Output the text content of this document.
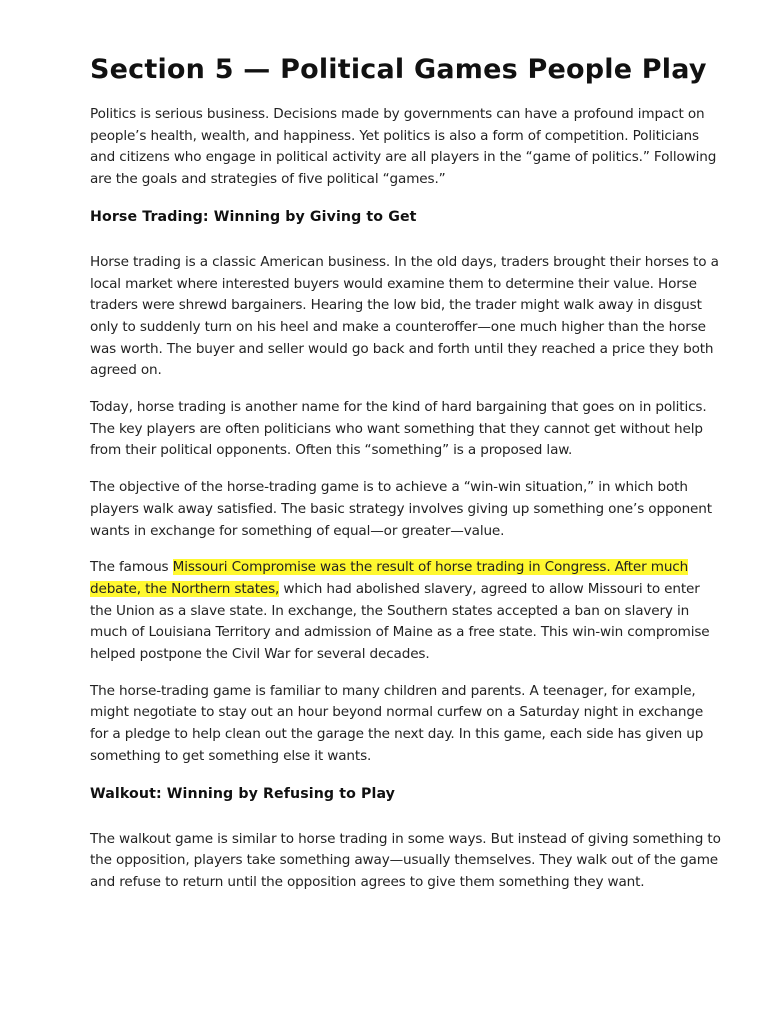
Section 5 — Political Games People Play

Politics is serious business. Decisions made by governments can have a profound impact on people’s health, wealth, and happiness. Yet politics is also a form of competition. Politicians and citizens who engage in political activity are all players in the “game of politics.” Following are the goals and strategies of five political “games.”

Horse Trading: Winning by Giving to Get

Horse trading is a classic American business. In the old days, traders brought their horses to a local market where interested buyers would examine them to determine their value. Horse traders were shrewd bargainers. Hearing the low bid, the trader might walk away in disgust only to suddenly turn on his heel and make a counteroffer—one much higher than the horse was worth. The buyer and seller would go back and forth until they reached a price they both agreed on.

Today, horse trading is another name for the kind of hard bargaining that goes on in politics. The key players are often politicians who want something that they cannot get without help from their political opponents. Often this “something” is a proposed law.

The objective of the horse-trading game is to achieve a “win-win situation,” in which both players walk away satisfied. The basic strategy involves giving up something one’s opponent wants in exchange for something of equal—or greater—value.

The famous Missouri Compromise was the result of horse trading in Congress. After much debate, the Northern states, which had abolished slavery, agreed to allow Missouri to enter the Union as a slave state. In exchange, the Southern states accepted a ban on slavery in much of Louisiana Territory and admission of Maine as a free state. This win-win compromise helped postpone the Civil War for several decades.

The horse-trading game is familiar to many children and parents. A teenager, for example, might negotiate to stay out an hour beyond normal curfew on a Saturday night in exchange for a pledge to help clean out the garage the next day. In this game, each side has given up something to get something else it wants.

Walkout: Winning by Refusing to Play

The walkout game is similar to horse trading in some ways. But instead of giving something to the opposition, players take something away—usually themselves. They walk out of the game and refuse to return until the opposition agrees to give them something they want.
